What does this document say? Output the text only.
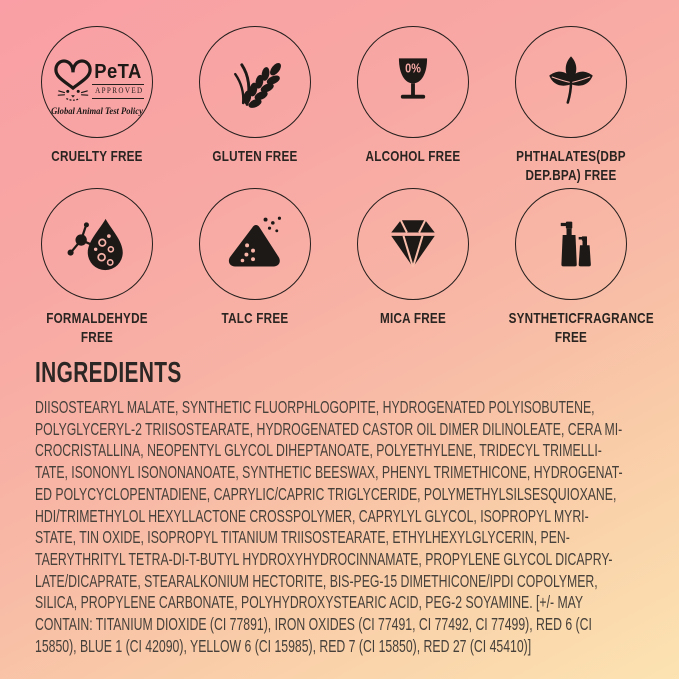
PeTA
APPROVED
Global Animal Test Policy
CRUELTY FREE	GLUTEN FREE
0%
ALCOHOL FREE	PHTHALATES(DBP DEP.BPA) FREE
FORMALDEHYDE FREE
TALC FREE	MICA FREE	SYNTHETICFRAGRANCE FREE
INGREDIENTS
DIISOSTEARYL MALATE, SYNTHETIC FLUORPHLOGOPITE, HYDROGENATED POLYISOBUTENE,
POLYGLYCERYL-2 TRIISOSTEARATE, HYDROGENATED CASTOR OIL DIMER DILINOLEATE, CERA MI-
CROCRISTALLINA, NEOPENTYL GLYCOL DIHEPTANOATE, POLYETHYLENE, TRIDECYL TRIMELLI-
TATE, ISONONYL ISONONANOATE, SYNTHETIC BEESWAX, PHENYL TRIMETHICONE, HYDROGENAT-
ED POLYCYCLOPENTADIENE, CAPRYLIC/CAPRIC TRIGLYCERIDE, POLYMETHYLSILSESQUIOXANE,
HDI/TRIMETHYLOL HEXYLLACTONE CROSSPOLYMER, CAPRYLYL GLYCOL, ISOPROPYL MYRI-
STATE, TIN OXIDE, ISOPROPYL TITANIUM TRIISOSTEARATE, ETHYLHEXYLGLYCERIN, PEN-
TAERYTHRITYL TETRA-DI-T-BUTYL HYDROXYHYDROCINNAMATE, PROPYLENE GLYCOL DICAPRY-
LATE/DICAPRATE, STEARALKONIUM HECTORITE, BIS-PEG-15 DIMETHICONE/IPDI COPOLYMER,
SILICA, PROPYLENE CARBONATE, POLYHYDROXYSTEARIC ACID, PEG-2 SOYAMINE. [+/- MAY
CONTAIN: TITANIUM DIOXIDE (CI 77891), IRON OXIDES (CI 77491, CI 77492, CI 77499), RED 6 (CI
15850), BLUE 1 (CI 42090), YELLOW 6 (CI 15985), RED 7 (CI 15850), RED 27 (CI 45410)]
